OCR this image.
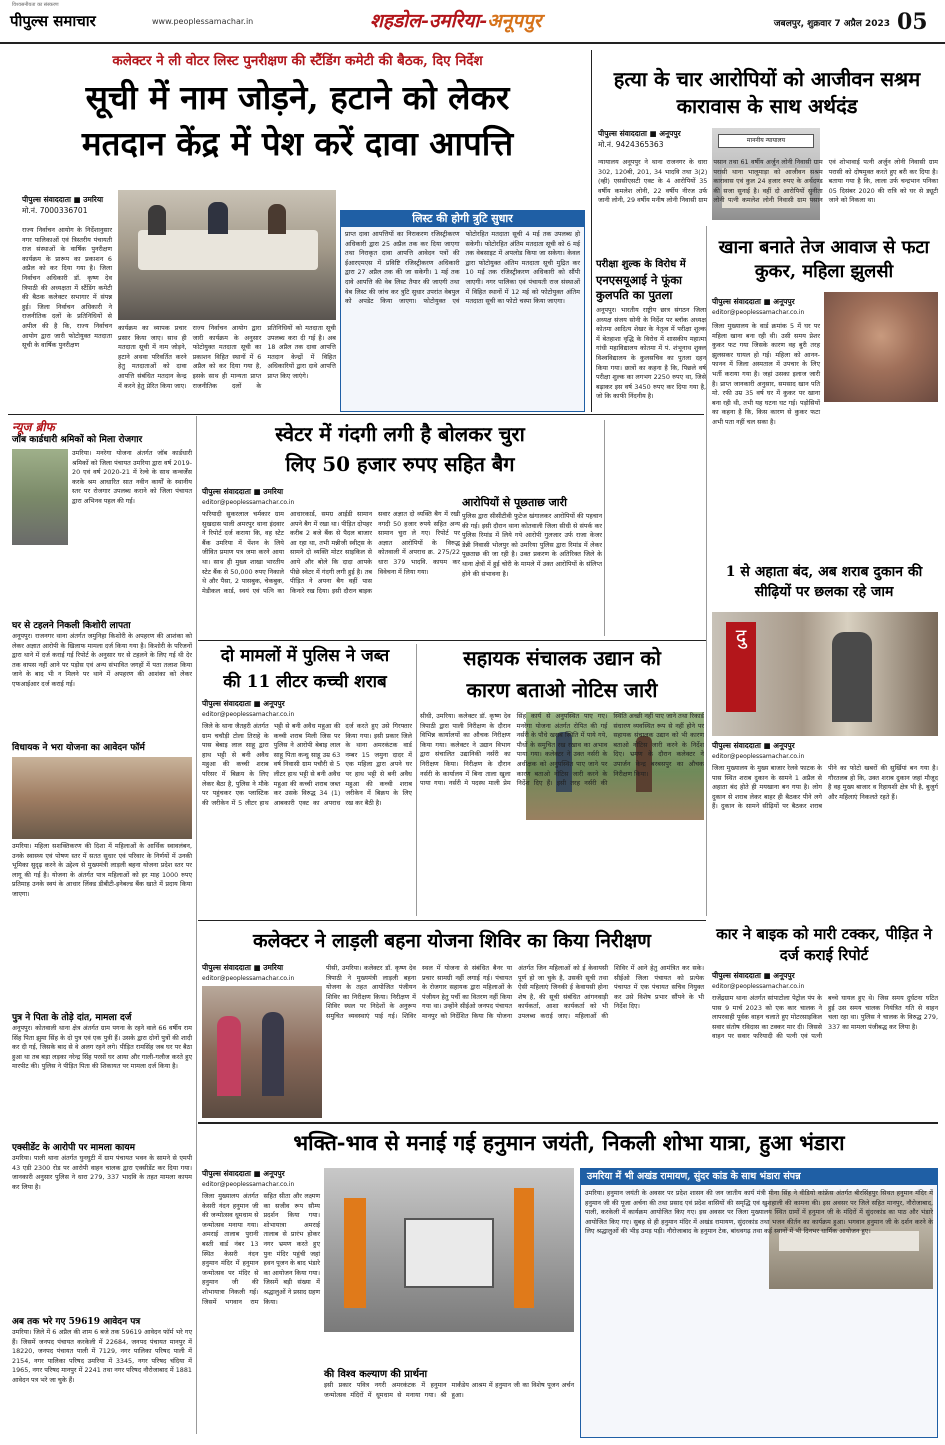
पीपुल्स समाचार
विश्वसनीयता का संस्करण
www.peoplessamachar.in	शहडोल-उमरिया-अनूपपुर	जबलपुर, शुक्रवार 7 अप्रैल 2023 05
कलेक्टर ने ली वोटर लिस्ट पुनरीक्षण की स्टैंडिंग कमेटी की बैठक, दिए निर्देश
सूची में नाम जोड़ने, हटाने को लेकर
मतदान केंद्र में पेश करें दावा आपत्ति
पीपुल्स संवाददाता ■ उमरिया
मो.नं. 7000336701
राज्य निर्वाचन आयोग के निर्देशानुसार नगर पालिकाओं एवं त्रिस्तरीय पंचायती राज संस्थाओं के वार्षिक पुनरीक्षण कार्यक्रम के प्रारूप का प्रकाशन 6 अप्रैल को कर दिया गया है। जिला निर्वाचन अधिकारी डॉ. कृष्ण देव त्रिपाठी की अध्यक्षता में स्टैंडिंग कमेटी की बैठक कलेक्टर सभागार में संपन्न हुई। जिला निर्वाचन अधिकारी ने राजनीतिक दलों के प्रतिनिधियों से अपील की है कि, राज्य निर्वाचन आयोग द्वारा जारी फोटोयुक्त मतदाता सूची के वार्षिक पुनरीक्षण
कार्यक्रम का व्यापक प्रचार प्रसार किया जाए। साथ ही मतदाता सूची में नाम जोड़ने, हटाने अथवा परिवर्तित करने हेतु मतदाताओं को दावा आपत्ति संबंधित मतदान केन्द्र में करने हेतु प्रेरित किया जाए। राज्य निर्वाचन आयोग द्वारा जारी कार्यक्रम के अनुसार फोटोयुक्त मतदाता सूची का प्रकाशन विहित स्थानों में 6 अप्रैल को कर दिया गया है, इसके साथ ही मान्यता प्राप्त राजनीतिक दलों के प्रतिनिधियों को मतदाता सूची उपलब्ध करा दी गई है। अब 18 अप्रैल तक दावा आपत्ति मतदान केन्द्रों में विहित अधिकारियों द्वारा दावे आपत्ति प्राप्त किए जाएंगे।
लिस्ट की होगी त्रुटि सुधार
प्राप्त दावा आपत्तियों का निराकरण रजिस्ट्रीकरण अधिकारी द्वारा 25 अप्रैल तक कर दिया जाएगा तथा निराकृत दावा आपत्ति आवेदन पत्रों की ईआरएमएस में प्रविष्टि रजिस्ट्रीकरण अधिकारी द्वारा 27 अप्रैल तक की जा सकेगी। 1 मई तक दावे आपत्ति की वेब लिस्ट तैयार की जाएगी तथा वेब लिस्ट की जांच कर त्रुटि सुधार उपरांत वेबपुल को अपडेट किया जाएगा। फोटोयुक्त एवं फोटोरहित मतदाता सूची 4 मई तक उपलब्ध हो सकेगी। फोटोरहित अंतिम मतदाता सूची को 6 मई तक वेबसाइट में अपलोड किया जा सकेगा। केवल द्वारा फोटोयुक्त अंतिम मतदाता सूची मुद्रित कर 10 मई तक रजिस्ट्रीकरण अधिकारी को सौंपी जाएगी। नगर पालिका एवं पंचायती राज संस्थाओं में विहित स्थानों में 12 मई को फोटोयुक्त अंतिम मतदाता सूची का फोटो चस्पा किया जाएगा।
हत्या के चार आरोपियों को आजीवन सश्रम कारावास के साथ अर्थदंड
पीपुल्स संवाददाता ■ अनूपपुर
मो.नं. 9424365363	माननीय न्यायालय
न्यायालय अनूपपुर ने थाना राजनगर के धारा 302, 120बी, 201, 34 भादवि तथा 3(2)(व्ही) एससीएसटी एक्ट के 4 आरोपियों 35 वर्षीय कमलेश लोनी, 22 वर्षीय नीरज उर्फ जानी लोनी, 29 वर्षीय मनीष लोनी निवासी ग्राम पसान तथा 61 वर्षीय अर्जुन लोनी निवासी ग्राम परासी थाना भालूमाड़ा को आजीवन सश्रम कारावास एवं कुल 24 हजार रुपए के अर्थदण्ड की सजा सुनाई है। वहीं दो आरोपियों सुनीता लोनी पत्नी कमलेश लोनी निवासी ग्राम पसान एवं शोभावाई पत्नी अर्जुन लोनी निवासी ग्राम परासी को दोषमुक्त करते हुए बरी कर दिया है। बताया गया है कि, लाला उर्फ चन्द्रभान पनिका 05 दिसंबर 2020 की रात्रि को घर से ड्यूटी जाने को निकला था।
परीक्षा शुल्क के विरोध में
एनएसयूआई ने फूंका कुलपति का पुतला
अनूपपुर। भारतीय राष्ट्रीय छात्र संगठन जिला अध्यक्ष संजय सोनी के निर्देश पर ब्लॉक अध्यक्ष कोतमा आदित्य शेखर के नेतृत्व में परीक्षा शुल्क में बेतहाशा वृद्धि के विरोध में शासकीय महात्मा गांधी महाविद्यालय कोतमा में पं. शंभूनाथ शुक्ल विश्वविद्यालय के कुलसचिव का पुतला दहन किया गया। छात्रों का कहना है कि, पिछले वर्ष परीक्षा शुल्क का लगभग 2250 रुपए था, जिसे बढ़ाकर इस वर्ष 3450 रुपए कर दिया गया है, जो कि काफी निंदनीय है।
खाना बनाते तेज आवाज से फटा कुकर, महिला झुलसी
पीपुल्स संवाददाता ■ अनूपपुर
editor@peoplessamachar.co.in
जिला मुख्यालय के वार्ड क्रमांक 5 में घर पर महिला खाना बना रही थी। उसी समय प्रेशर कुकर फट गया जिसके कारण वह बुरी तरह झुलसकर घायल हो गई। महिला को आनन-फानन में जिला अस्पताल में उपचार के लिए भर्ती कराया गया है। जहां उसका इलाज जारी है। प्राप्त जानकारी अनुसार, समसाद खान पति मो. रफी उम्र 35 वर्ष घर में कुकर पर खाना बना रही थी, तभी यह घटना घट गई। पड़ोसियों का कहना है कि, किस कारण से कुकर फटा अभी पता नहीं चल सका है।
न्यूज ब्रीफ
जॉब कार्डधारी श्रमिकों को मिला रोजगार
उमरिया। मनरेगा योजना अंतर्गत जॉब कार्डधारी श्रमिकों को जिला पंचायत उमरिया द्वारा वर्ष 2019-20 एवं वर्ष 2020-21 में रेल्वे के साथ कन्वर्जेंस करके श्रम आधारित सात नवीन कार्यों के स्थानीय स्तर पर रोजगार उपलब्ध कराने को जिला पंचायत द्वारा अभिनव पहल की गई।
घर से टहलने निकली किशोरी लापता
अनूपपुर। राजनगर थाना अंतर्गत जमुनिहा किशोरी के अपहरण की आशंका को लेकर अज्ञात आरोपी के खिलाफ मामला दर्ज किया गया है। किशोरी के परिजनों द्वारा थाने में दर्ज कराई गई रिपोर्ट के अनुसार घर से टहलने के लिए गई थी देर तक वापस नहीं आने पर पड़ोस एवं अन्य संभावित जगहों में पता तलाश किया जाने के बाद भी न मिलने पर थाने में अपहरण की आशंका को लेकर एफआईआर दर्ज कराई गई।
विधायक ने भरा योजना का आवेदन फॉर्म
उमरिया। महिला सशक्तिकरण की दिशा में महिलाओं के आर्थिक स्वावलंबन, उनके स्वास्थ्य एवं पोषण स्तर में सतत सुधार एवं परिवार के निर्णयों में उनकी भूमिका सुदृढ़ करने के उद्देश्य से मुख्यमंत्री लाड़ली बहना योजना प्रदेश स्तर पर लागू की गई है। योजना के अंतर्गत पात्र महिलाओं को हर माह 1000 रुपए प्रतिमाह उनके स्वयं के आधार लिंक्ड डीबीटी-इनेबल्ड बैंक खाते में प्रदाय किया जाएगा।
पुत्र ने पिता के तोड़े दांत, मामला दर्ज
अनूपपुर। कोतवाली थाना क्षेत्र अंतर्गत ग्राम पगना के रहने वाले 66 वर्षीय राम सिंह पिता झुमा सिंह के दो पुत्र एवं एक पुत्री हैं। उसके द्वारा दोनों पुत्रों की शादी कर दी गई, जिसके बाद से वे अलग रहने लगे। पीड़ित रामसिंह जब घर पर बैठा हुआ था तब बड़ा लड़का नरेन्द्र सिंह परसों घर आया और गाली-गलौज करते हुए मारपीट की। पुलिस ने पीड़ित पिता की शिकायत पर मामला दर्ज किया है।
एक्सीडेंट के आरोपी पर मामला कायम
उमरिया। पाली थाना अंतर्गत घुनघुटी में ग्राम पंचायत भवन के सामने से एमपी 43 एडी 2300 रोड पर आरोपी वाहन चालक द्वारा एक्सीडेंट कर दिया गया। जानकारी अनुसार पुलिस ने धारा 279, 337 भादवि के तहत मामला कायम कर लिया है।
अब तक भरे गए 59619 आवेदन पत्र
उमरिया। जिले में 6 अप्रैल की शाम 6 बजे तक 59619 आवेदन फॉर्म भरे गए हैं। जिसमें जनपद पंचायत करकेली में 22684, जनपद पंचायत मानपुर में 18220, जनपद पंचायत पाली में 7129, नगर पालिका परिषद पाली में 2154, नगर पालिका परिषद उमरिया में 3345, नगर परिषद चंदिया में 1965, नगर परिषद मानपुर में 2241 तथा नगर परिषद नौरोजाबाद में 1881 आवेदन पत्र भरे जा चुके हैं।
स्वेटर में गंदगी लगी है बोलकर चुरा
लिए 50 हजार रुपए सहित बैग
पीपुल्स संवाददाता ■ उमरिया
editor@peoplessamachar.co.in
फरियादी सुकरलाल चर्मकार ग्राम सुखदास पाली अमरपुर थाना इंदवार ने रिपोर्ट दर्ज कराया कि, वह स्टेट बैंक उमरिया में पेंशन के लिये जीवित प्रमाण पत्र जमा करने आया था। साथ ही मुख्य शाखा भारतीय स्टेट बैंक से 50,000 रुपए निकाले थे और पैसा, 2 पासबुक, चेकबुक, मेडीकल कार्ड, स्वयं एवं पत्नि का आधारकार्ड, समग्र आईडी सामान अपने बैग में रखा था। पीड़ित दोपहर करीब 2 बजे बैंक से पैदल बाजार आ रहा था, तभी मन्नीजी स्वीट्स के सामने दो व्यक्ति मोटर साइकिल से आये और बोले कि दादा आपके पीछे स्वेटर में गंदगी लगी हुई है। तब पीड़ित ने अपना बैग वहीं पास किनारे रख दिया। इसी दौरान बाइक सवार अज्ञात दो व्यक्ति बैग में रखी नगदी 50 हजार रुपये सहित अन्य सामान चुरा ले गए। रिपोर्ट पर अज्ञात आरोपियों के विरुद्ध कोतवाली में अपराध क्र. 275/22 धारा 379 भादवि. कायम कर विवेचना में लिया गया।
आरोपियों से पूछताछ जारी
पुलिस द्वारा सीसीटीवी फुटेज खंगालकर आरोपियों की पहचान की गई। इसी दौरान थाना कोतवाली जिला सीधी से संपर्क कर पुलिस रिमांड में लिये गये आरोपी गुलजार उर्फ राजा केजर डेन्नी निवासी भोलपुर को उमरिया पुलिस द्वारा रिमांड में लेकर पूछताछ की जा रही है। उक्त प्रकरण के अतिरिक्त जिले के थाना क्षेत्रों में हुई चोरी के मामले में उक्त आरोपियों के संलिप्त होने की संभावना है।	1 से अहाता बंद, अब शराब दुकान की सीढ़ियों पर छलका रहे जाम
दु
पीपुल्स संवाददाता ■ अनूपपुर
editor@peoplessamachar.co.in
जिला मुख्यालय के मुख्य बाजार रेलवे फाटक के पास स्थित शराब दुकान के सामने 1 अप्रैल से अहाता बंद होते ही मयखाना बन गया है। लोग दुकान से शराब लेकर बाहर ही बैठकर पीने लगे हैं। दुकान के सामने सीढ़ियों पर बैठकर शराब पीने का फोटो खबरों की सुर्खियां बन गया है। गौरतलब हो कि, उक्त शराब दुकान जहां मौजूद है वह मुख्य बाजार व रिहायशी क्षेत्र भी है, बुजुर्ग और महिलाएं निकलते रहते हैं।
दो मामलों में पुलिस ने जब्त
की 11 लीटर कच्ची शराब
पीपुल्स संवाददाता ■ अनूपपुर
editor@peoplessamachar.co.in
जिले के थाना जैतहरी अंतर्गत ग्राम चचौड़ी टोला तिराहे के पास बेबाइ लाल साहू द्वारा हाथ भट्टी से बनी अवैध महुआ की कच्ची शराब परिसर में बिक्रय के लिए लेकर बैठा है, पुलिस ने मौके पर पहुंचकर एक प्लास्टिक की जरीकेन में 5 लीटर हाथ भट्टी से बनी अवैध महुआ की कच्ची शराब मिली जिस पर पुलिस ने आरोपी बेबाइ लाल साहू पिता कन्धु साहू उम्र 63 वर्ष निवासी ग्राम पचौरी से 5 लीटर हाथ भट्टी से बनी अवैध महुआ की कच्ची शराब जब्त कर उसके विरुद्ध 34 (1) आबकारी एक्ट का अपराध दर्ज करते हुए उसे गिरफ्तार किया गया। इसी प्रकार जिले के थाना अमरकंटक वार्ड नम्बर 15 जमुना दादर में एक महिला द्वारा अपने घर पर हाथ भट्टी से बनी अवैध महुआ की कच्ची शराब जरीकेन में बिक्रय के लिए रख कर बैठी है।
सहायक संचालक उद्यान को
कारण बताओ नोटिस जारी
सीधी, उमरिया। कलेक्टर डॉ. कृष्ण देव त्रिपाठी द्वारा पाली निरीक्षण के दौरान विभिन्न कार्यालयों का औचक निरीक्षण किया गया। कलेक्टर ने उद्यान विभाग द्वारा संचालित उद्यानिकी नर्सरी का निरीक्षण किया। निरीक्षण के दौरान नर्सरी के कार्यालय में बिना ताला खुला पाया गया। नर्सरी मे पदस्थ माली प्रेम सिंह कार्य से अनुपस्थित पाए गए। मनरेगा योजना अंतर्गत रोपित की गई नर्सरी के पौधे खराब स्थिति में पाये गये, पौधों के समुचित रख रखाव का अभाव पाया गया। कलेक्टर ने उक्त नर्सरी के अधीक्षक को अनुपस्थित पाए जाने पर कारण बताओ नोटिस जारी करने के निर्देश दिए हैं। इसी तरह नर्सरी की स्थिति अच्छी नहीं पाए जाने तथा रिकार्ड संधारण व्यवस्थित रूप से नहीं होने पर सहायक संचालक उद्यान को भी कारण बताओ नोटिस जारी करने के निर्देश दिए। भ्रमण के दौरान कलेक्टर ने उपार्जन केन्द्र बरबसपुर का औचक निरीक्षण किया।
कार ने बाइक को मारी टक्कर, पीड़ित ने दर्ज कराई रिपोर्ट
पीपुल्स संवाददाता ■ अनूपपुर
editor@peoplessamachar.co.in
राजेंद्रग्राम थाना अंतर्गत सांपाटोला पेट्रोल पंप के पास 9 मार्च 2023 को एक कार चालक ने लापरवाही पूर्वक वाहन चलाते हुए मोटरसाइकिल सवार संतोष रविदास का टक्कर मार दी। जिससे वाहन पर सवार फरियादी की पत्नी एवं पत्नी बच्चे घायल हुए थे। जिस समय दुर्घटना घटित हुई उस समय चालक नियंत्रित गति से वाहन चला रहा था। पुलिस ने चालक के विरुद्ध 279, 337 का मामला पंजीबद्ध कर लिया है।
कलेक्टर ने लाड़ली बहना योजना शिविर का किया निरीक्षण
पीपुल्स संवाददाता ■ उमरिया
editor@peoplessamachar.co.in
पीसी, उमरिया। कलेक्टर डॉ. कृष्ण देव त्रिपाठी ने मुख्यमंत्री लाड़ली बहना योजना के तहत आयोजित पंजीयन शिविर का निरीक्षण किया। निरीक्षण में शिविर स्थल पर निदेशों के अनुरूप समुचित व्यवस्थाएं पाई गई। शिविर स्थल में योजना से संबंधित बैनर या प्रचार सामग्री नहीं लगाई गई। पंचायत के रोजगार सहायक द्वारा महिलाओं के पंजीयन हेतु पर्ची का वितरण नहीं किया गया था। उन्होंने सीईओ जनपद पंचायत मानपुर को निर्देशित किया कि योजना अंतर्गत जिन महिलाओं को ई केवायसी पूर्ण हो जा चुके है, उसकी सूची तथा ऐसी महिलाएं जिनकी ई केवायसी होना शेष है, की सूची संबंधित आंगनवाड़ी कार्यकर्ता, आशा कार्यकर्ता को भी उपलब्ध कराई जाए। महिलाओं की शिविर में आने हेतु आमंत्रित कर सके। सीईओ जिला पंचायत को प्रत्येक पंचायत में एक पंचायत सचिव नियुक्त कर उसे विशेष प्रभार सौंपने के भी निर्देश दिए।
भक्ति-भाव से मनाई गई हनुमान जयंती, निकली शोभा यात्रा, हुआ भंडारा
पीपुल्स संवाददाता ■ अनूपपुर
editor@peoplessamachar.co.in
जिला मुख्यालय अंतर्गत केसरी नंदन हनुमान जी की जन्मोत्सव धूमधाम से जन्मोत्सव मनाया गया। अमराई तालाब पुरानी बस्ती वार्ड नंबर 13 स्थित केसरी नंदन हनुमान मंदिर में हनुमान जन्मोत्सव पर मंदिर से हनुमान जी की शोभायात्रा निकली गई। जिसमें भगवान राम सहित सीता और लक्ष्मण का सजीव रूप सौम्य प्रदर्शन किया गया। शोभायात्रा अमराई तालाब से प्रारंभ होकर नगर भ्रमण करते हुए पुनः मंदिर पहुंची जहां हवन पूजन के बाद भंडारे का आयोजन किया गया। जिसमें बड़ी संख्या में श्रद्धालुओं ने प्रसाद ग्रहण किया।
की विश्व कल्याण की प्रार्थना
इसी प्रकार पवित्र नगरी अमरकंटक में हनुमान जन्मोत्सव मंदिरों में धूमधाम से मनाया गया। श्री मार्कंडेय आश्रम में हनुमान जी का विशेष पूजन अर्चन हुआ।
उमरिया में भी अखंड रामायण, सुंदर कांड के साथ भंडारा संपन्न
उमरिया। हनुमान जयंती के अवसर पर प्रदेश शासन की जन जातीय कार्य मंत्री मीना सिंह ने वीडियो कांफ्रेंस अंतर्गत बीरसिंहपुर सिथत हनुमान मंदिर में हनुमान जी की पूजा अर्चना की तथा प्रसाद एवं प्रदेश वासियों की समृद्धि एवं खुशहाली की कामना की। इस अवसर पर जिले सहित मानपुर, नौरोजाबाद, पाली, करकेली में कार्यक्रम आयोजित किए गए। इस अवसर पर जिला मुख्यालय स्थित ग्रामों में हनुमान जी के मंदिरों में सुंदरकांड का पाठ और भंडारे आयोजित किए गए। सुबह से ही हनुमान मंदिर में अखंड रामायण, सुंदरकांड तथा भजन कीर्तन का कार्यक्रम हुआ। भगवान हनुमान जी के दर्शन करने के लिए श्रद्धालुओं की भीड़ उमड़ पड़ी। नौरोजाबाद के हनुमान टेक, बांधवगढ़ तथा कई स्थानों में भी दिनभर धार्मिक आयोजन हुए।
